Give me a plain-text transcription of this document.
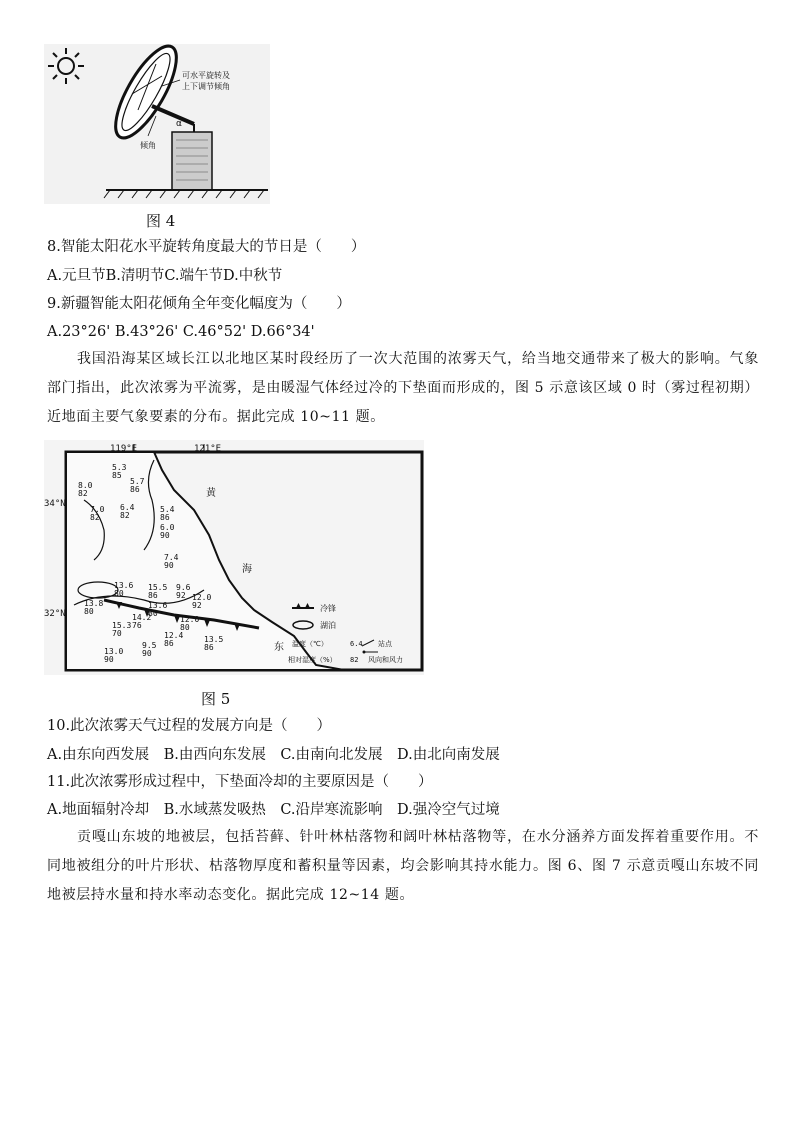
可水平旋转及
上下调节倾角
倾角
α
图 4
8.智能太阳花水平旋转角度最大的节日是（　　）
A.元旦节B.清明节C.端午节D.中秋节
9.新疆智能太阳花倾角全年变化幅度为（　　）
A.23°26' B.43°26' C.46°52' D.66°34'
我国沿海某区域长江以北地区某时段经历了一次大范围的浓雾天气，给当地交通带来了极大的影响。气象部门指出，此次浓雾为平流雾，是由暖湿气体经过冷的下垫面而形成的，图 5 示意该区域 0 时（雾过程初期）近地面主要气象要素的分布。据此完成 10~11 题。
119°E	121°E
34°N
32°N
黄
海
东
5.3
85
8.0
82
5.7
86
7.0
82
6.4
82
5.4
86
6.0
90
7.4
90
13.6
80
15.5
86
9.6
92 12.0
92
13.6
80
13.8
80
14.2
76
12.0
80
15.3
70	12.4
86
13.0
90
9.5
90
13.5
86
冷锋
湖泊
温度（℃）
相对湿度（%）
6.4
82
站点
风向和风力
图 5
10.此次浓雾天气过程的发展方向是（　　）
A.由东向西发展　B.由西向东发展　C.由南向北发展　D.由北向南发展
11.此次浓雾形成过程中，下垫面冷却的主要原因是（　　）
A.地面辐射冷却　B.水域蒸发吸热　C.沿岸寒流影响　D.强冷空气过境
贡嘎山东坡的地被层，包括苔藓、针叶林枯落物和阔叶林枯落物等，在水分涵养方面发挥着重要作用。不同地被组分的叶片形状、枯落物厚度和蓄积量等因素，均会影响其持水能力。图 6、图 7 示意贡嘎山东坡不同地被层持水量和持水率动态变化。据此完成 12~14 题。
